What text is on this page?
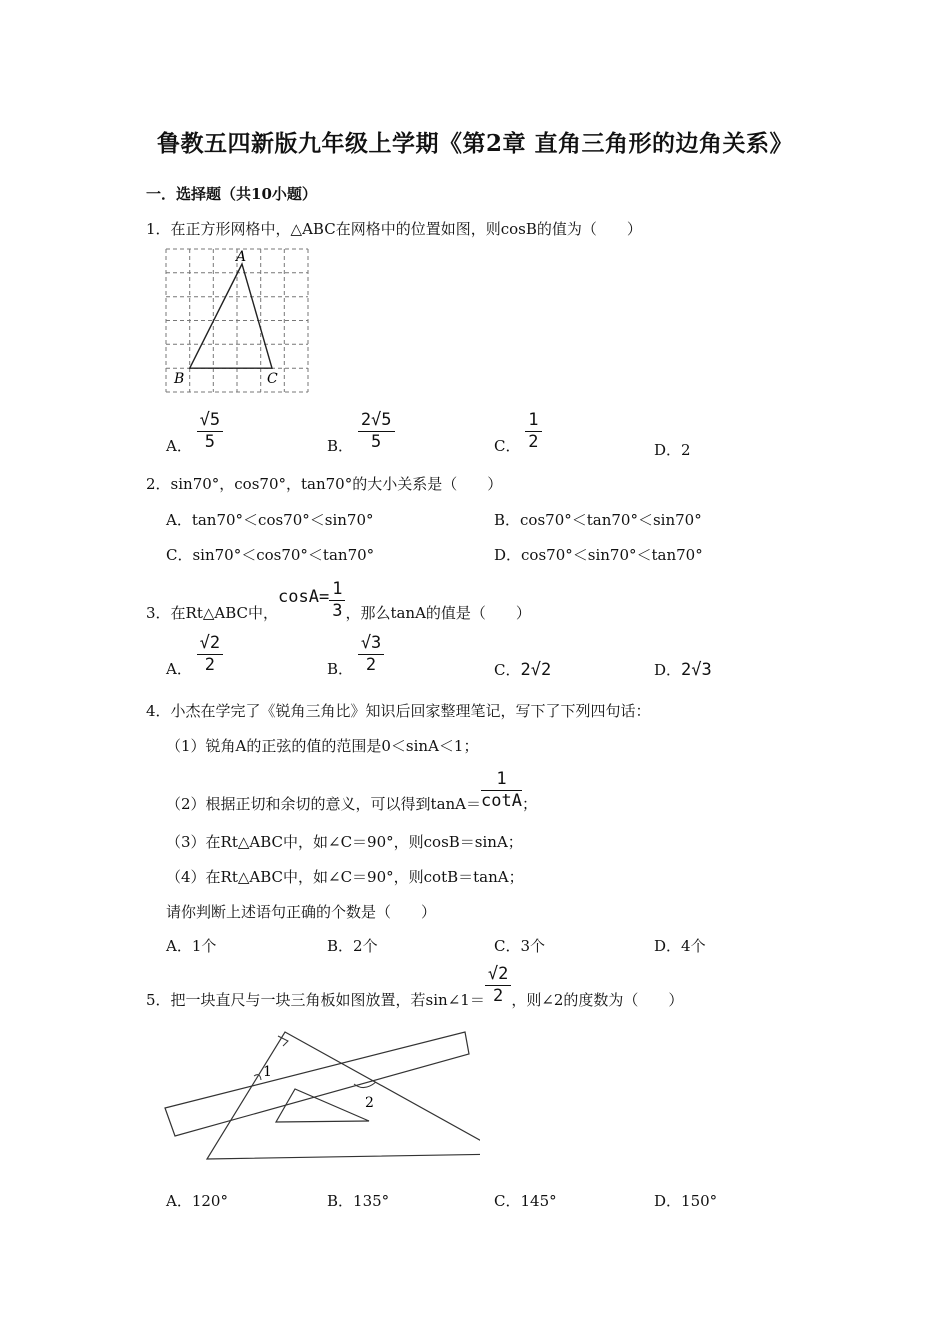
鲁教五四新版九年级上学期《第2章 直角三角形的边角关系》
一．选择题（共10小题）
1．在正方形网格中，△ABC在网格中的位置如图，则cosB的值为（　　）
A
B	C
A． $\frac{√5}{5}$	B． $\frac{2√5}{5}$	C． $\frac{1}{2}$	D．2
2．sin70°，cos70°，tan70°的大小关系是（　　）
A．tan70°＜cos70°＜sin70°	B．cos70°＜tan70°＜sin70°
C．sin70°＜cos70°＜tan70°	D．cos70°＜sin70°＜tan70°
3．在Rt△ABC中，$\cos A= \frac{1}{3}$ ，那么tanA的值是（　　）
A． $\frac{√2}{2}$	B． $\frac{√3}{2}$	C．2√2	D．2√3
4．小杰在学完了《锐角三角比》知识后回家整理笔记，写下了下列四句话：
（1）锐角A的正弦的值的范围是0＜sinA＜1；
（2）根据正切和余切的意义，可以得到$\tan A= \frac{1}{\cot A}$ ；
（3）在Rt△ABC中，如∠C＝90°，则cosB＝sinA；
（4）在Rt△ABC中，如∠C＝90°，则cotB＝tanA；
请你判断上述语句正确的个数是（　　）
A．1个	B．2个	C．3个	D．4个
5．把一块直尺与一块三角板如图放置，若sin∠1＝ $\frac{√2}{2}$ ，则∠2的度数为（　　）
1
2
A．120°	B．135°	C．145°	D．150°
